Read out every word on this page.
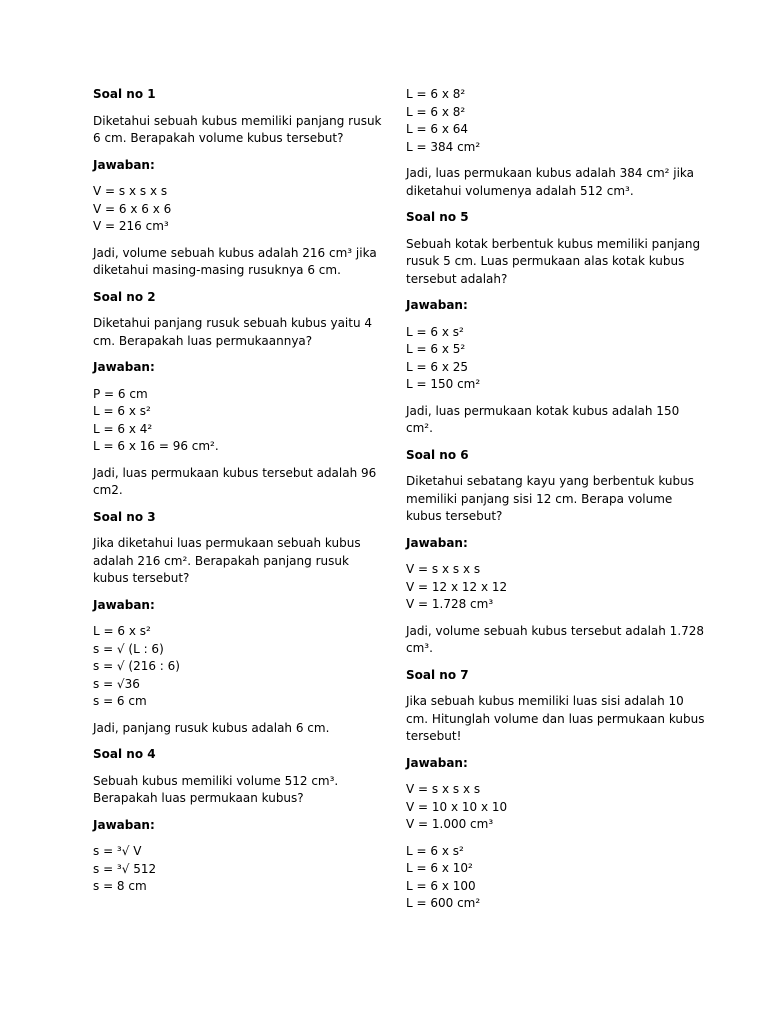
Soal no 1
Diketahui sebuah kubus memiliki panjang rusuk 6 cm. Berapakah volume kubus tersebut?
Jawaban:
V = s x s x s
V = 6 x 6 x 6
V = 216 cm³
Jadi, volume sebuah kubus adalah 216 cm³ jika diketahui masing-masing rusuknya 6 cm.
Soal no 2
Diketahui panjang rusuk sebuah kubus yaitu 4 cm. Berapakah luas permukaannya?
Jawaban:
P = 6 cm
L = 6 x s²
L = 6 x 4²
L = 6 x 16 = 96 cm².
Jadi, luas permukaan kubus tersebut adalah 96 cm2.
Soal no 3
Jika diketahui luas permukaan sebuah kubus adalah 216 cm². Berapakah panjang rusuk kubus tersebut?
Jawaban:
L = 6 x s²
s = √ (L : 6)
s = √ (216 : 6)
s = √36
s = 6 cm
Jadi, panjang rusuk kubus adalah 6 cm.
Soal no 4
Sebuah kubus memiliki volume 512 cm³. Berapakah luas permukaan kubus?
Jawaban:
s = ³√ V
s = ³√ 512
s = 8 cm
L = 6 x 8²
L = 6 x 8²
L = 6 x 64
L = 384 cm²
Jadi, luas permukaan kubus adalah 384 cm² jika diketahui volumenya adalah 512 cm³.
Soal no 5
Sebuah kotak berbentuk kubus memiliki panjang rusuk 5 cm. Luas permukaan alas kotak kubus tersebut adalah?
Jawaban:
L = 6 x s²
L = 6 x 5²
L = 6 x 25
L = 150 cm²
Jadi, luas permukaan kotak kubus adalah 150 cm².
Soal no 6
Diketahui sebatang kayu yang berbentuk kubus memiliki panjang sisi 12 cm. Berapa volume kubus tersebut?
Jawaban:
V = s x s x s
V = 12 x 12 x 12
V = 1.728 cm³
Jadi, volume sebuah kubus tersebut adalah 1.728 cm³.
Soal no 7
Jika sebuah kubus memiliki luas sisi adalah 10 cm. Hitunglah volume dan luas permukaan kubus tersebut!
Jawaban:
V = s x s x s
V = 10 x 10 x 10
V = 1.000 cm³
L = 6 x s²
L = 6 x 10²
L = 6 x 100
L = 600 cm²
